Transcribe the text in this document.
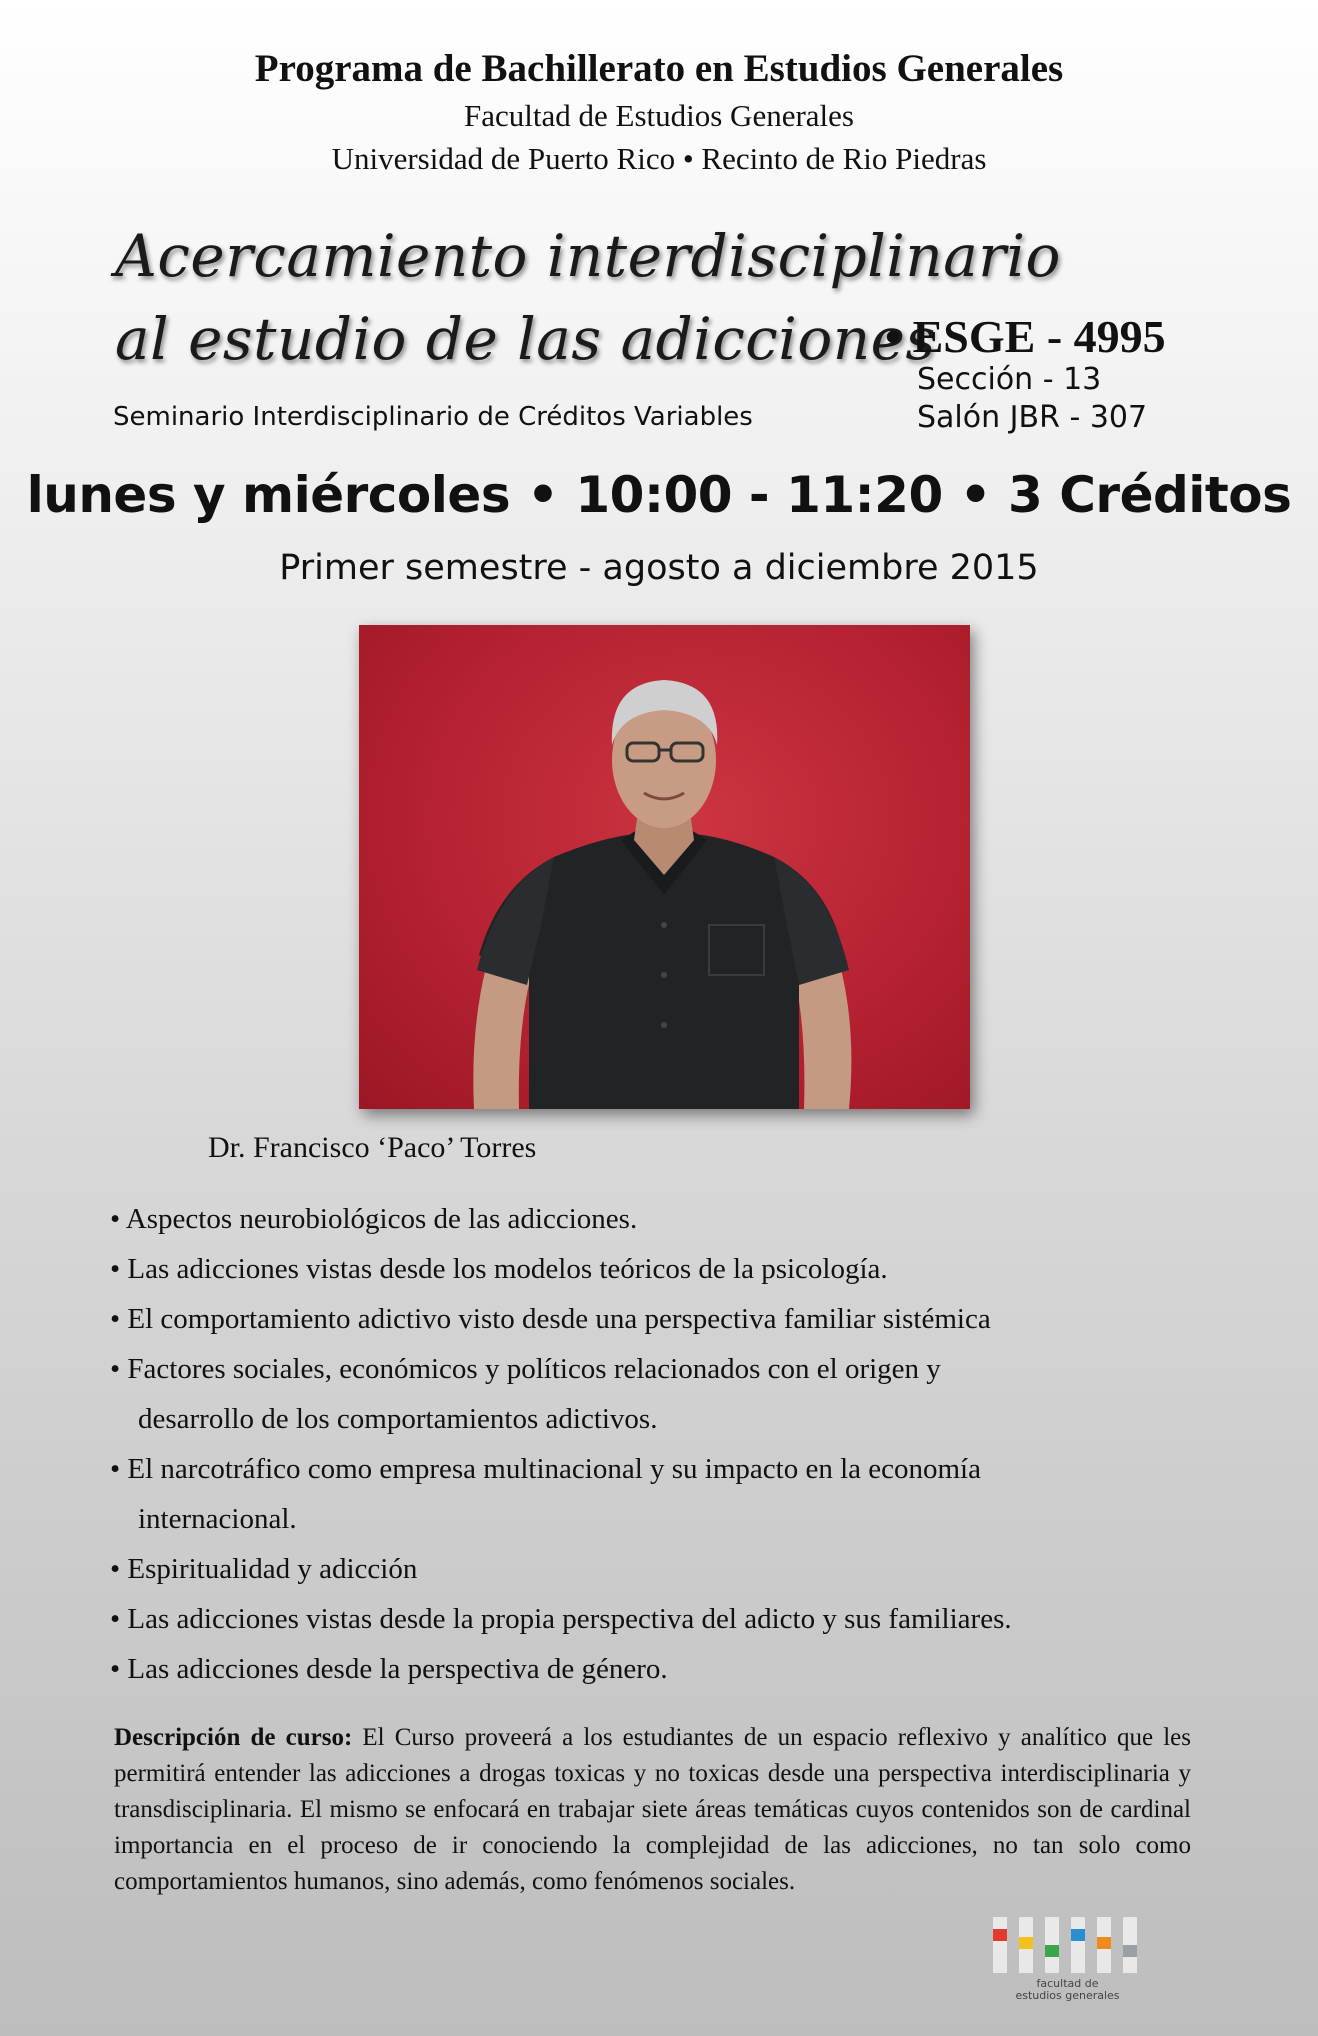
Programa de Bachillerato en Estudios Generales
Facultad de Estudios Generales
Universidad de Puerto Rico • Recinto de Rio Piedras
Acercamiento interdisciplinario
al estudio de las adicciones
Seminario Interdisciplinario de Créditos Variables
• ESGE - 4995
Sección - 13
Salón JBR - 307
lunes y miércoles • 10:00 - 11:20 • 3 Créditos
Primer semestre - agosto a diciembre 2015
Dr. Francisco ‘Paco’ Torres
• Aspectos neurobiológicos de las adicciones.
• Las adicciones vistas desde los modelos teóricos de la psicología.
• El comportamiento adictivo visto desde una perspectiva familiar sistémica
• Factores sociales, económicos y políticos relacionados con el origen y
desarrollo de los comportamientos adictivos.
• El narcotráfico como empresa multinacional y su impacto en la economía
internacional.
• Espiritualidad y adicción
• Las adicciones vistas desde la propia perspectiva del adicto y sus familiares.
• Las adicciones desde la perspectiva de género.

Descripción de curso: El Curso proveerá a los estudiantes de un espacio reflexivo y analítico que les permitirá entender las adicciones a drogas toxicas y no toxicas desde una perspectiva interdisciplinaria y transdisciplinaria. El mismo se enfocará en trabajar siete áreas temáticas cuyos contenidos son de cardinal importancia en el proceso de ir conociendo la complejidad de las adicciones, no tan solo como comportamientos humanos, sino además, como fenómenos sociales.

facultad de
estudios generales
